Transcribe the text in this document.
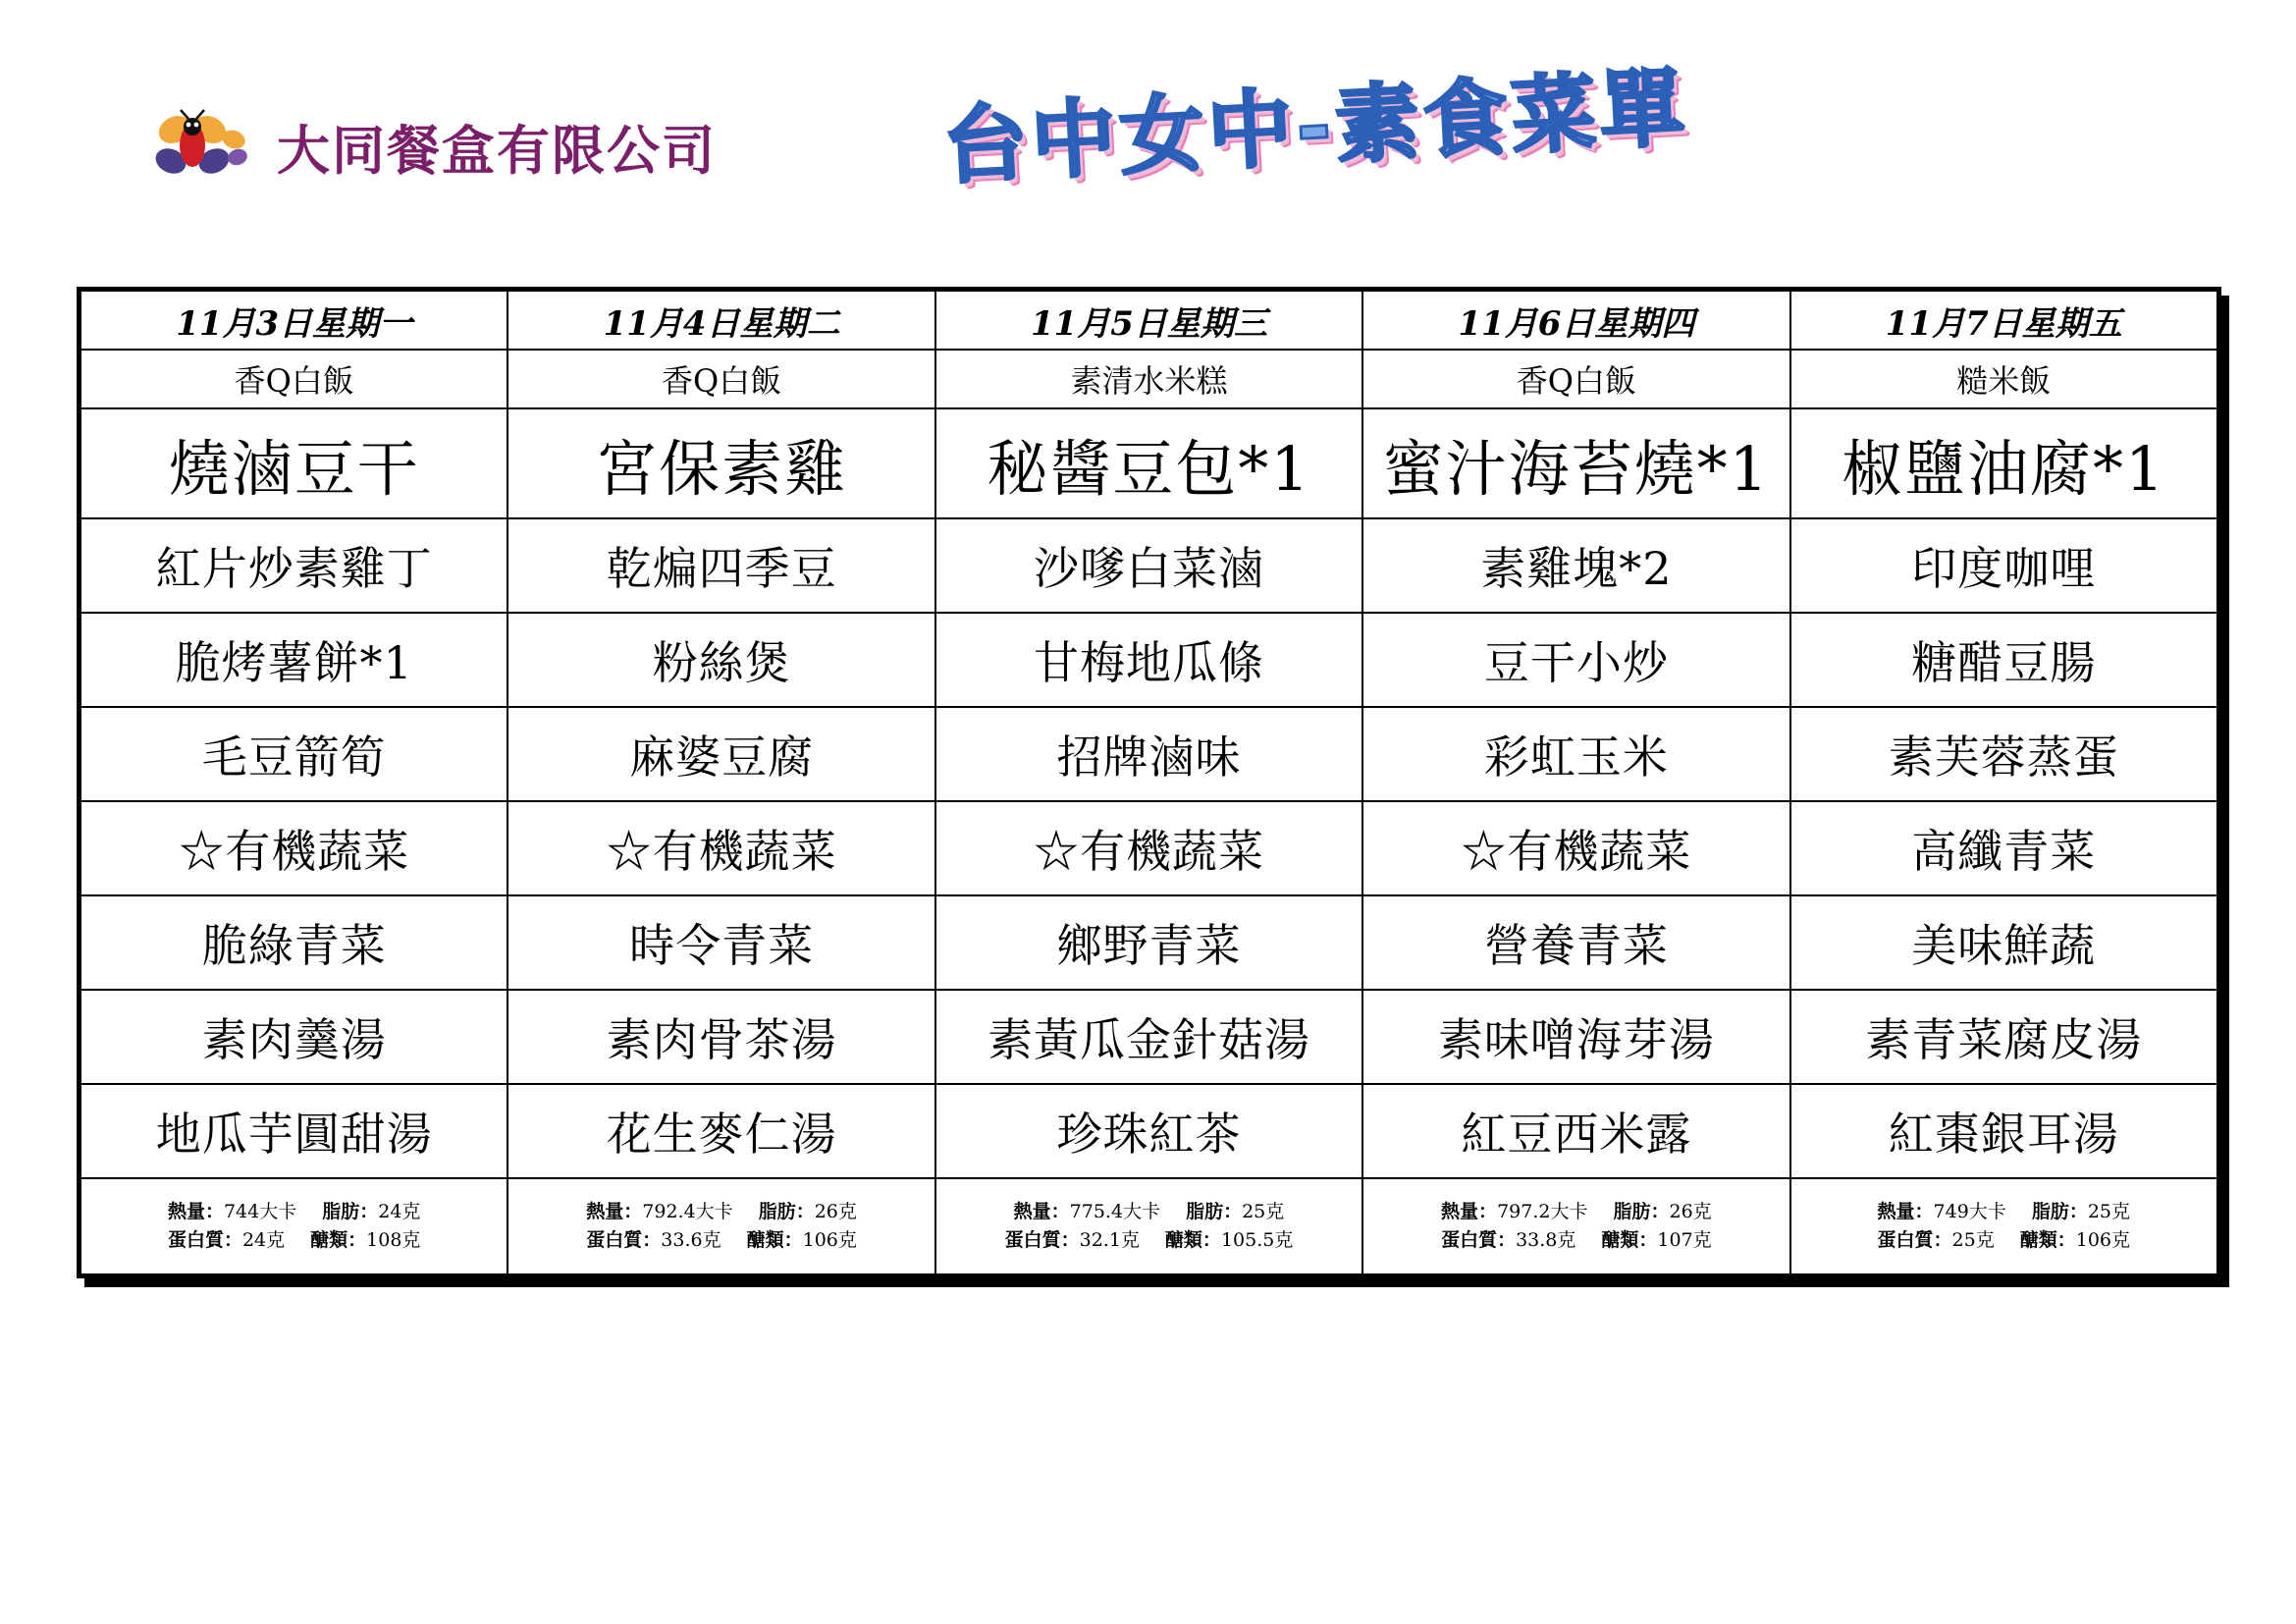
大同餐盒有限公司	台中女中-素食菜單
11月3日星期一	11月4日星期二	11月5日星期三	11月6日星期四	11月7日星期五
香Q白飯	香Q白飯	素清水米糕	香Q白飯	糙米飯
燒滷豆干	宮保素雞	秘醬豆包*1	蜜汁海苔燒*1	椒鹽油腐*1
紅片炒素雞丁	乾煸四季豆	沙嗲白菜滷	素雞塊*2	印度咖哩
脆烤薯餅*1	粉絲煲	甘梅地瓜條	豆干小炒	糖醋豆腸
毛豆箭筍	麻婆豆腐	招牌滷味	彩虹玉米	素芙蓉蒸蛋
☆有機蔬菜	☆有機蔬菜	☆有機蔬菜	☆有機蔬菜	高纖青菜
脆綠青菜	時令青菜	鄉野青菜	營養青菜	美味鮮蔬
素肉羹湯	素肉骨茶湯	素黃瓜金針菇湯	素味噌海芽湯	素青菜腐皮湯
地瓜芋圓甜湯	花生麥仁湯	珍珠紅茶	紅豆西米露	紅棗銀耳湯

熱量：744大卡 脂肪：24克
蛋白質：24克 醣類：108克

熱量：792.4大卡 脂肪：26克
蛋白質：33.6克 醣類：106克

熱量：775.4大卡 脂肪：25克
蛋白質：32.1克 醣類：105.5克

熱量：797.2大卡 脂肪：26克
蛋白質：33.8克 醣類：107克

熱量：749大卡 脂肪：25克
蛋白質：25克 醣類：106克
